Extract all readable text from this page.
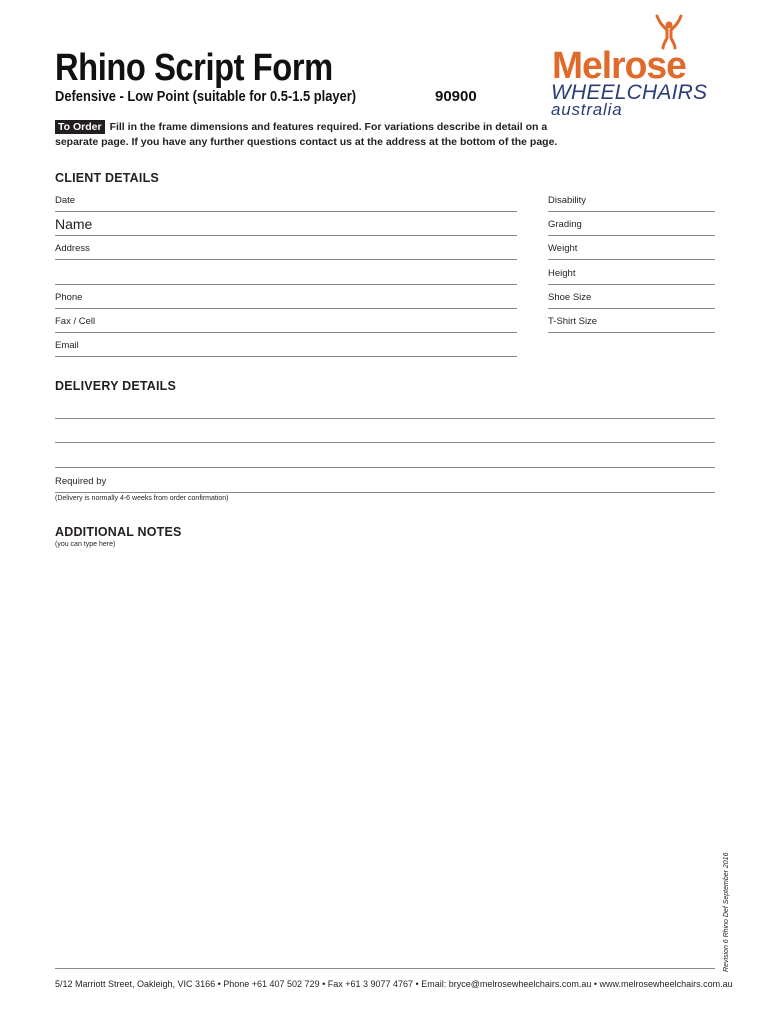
Rhino Script Form
Defensive - Low Point (suitable for 0.5-1.5 player)	90900
Melrose
WHEELCHAIRS
australia
To Order Fill in the frame dimensions and features required. For variations describe in detail on a separate page. If you have any further questions contact us at the address at the bottom of the page.
CLIENT DETAILS
Date
Name
Address
Phone
Fax / Cell
Email
Disability
Grading
Weight
Height
Shoe Size
T-Shirt Size
DELIVERY DETAILS
Required by
(Delivery is normally 4-6 weeks from order confirmation)
ADDITIONAL NOTES
(you can type here)
Revision 6 Rhino Def September 2016
5/12 Marriott Street, Oakleigh, VIC 3166 • Phone +61 407 502 729 • Fax +61 3 9077 4767 • Email: bryce@melrosewheelchairs.com.au • www.melrosewheelchairs.com.au
